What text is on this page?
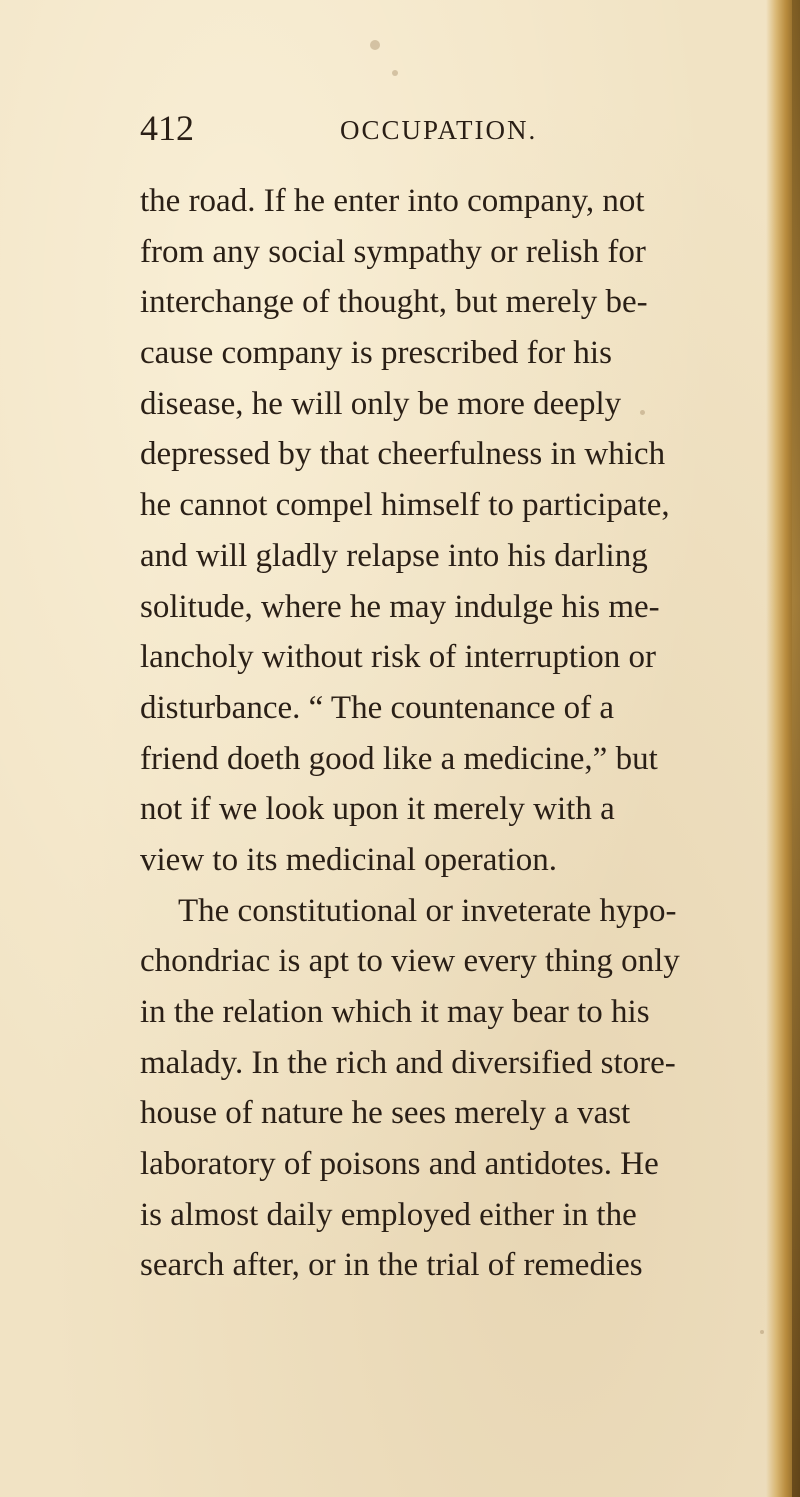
412	OCCUPATION.
the road. If he enter into company, not
from any social sympathy or relish for
interchange of thought, but merely be-
cause company is prescribed for his
disease, he will only be more deeply
depressed by that cheerfulness in which
he cannot compel himself to participate,
and will gladly relapse into his darling
solitude, where he may indulge his me-
lancholy without risk of interruption or
disturbance. “ The countenance of a
friend doeth good like a medicine,” but
not if we look upon it merely with a
view to its medicinal operation.
The constitutional or inveterate hypo-
chondriac is apt to view every thing only
in the relation which it may bear to his
malady. In the rich and diversified store-
house of nature he sees merely a vast
laboratory of poisons and antidotes. He
is almost daily employed either in the
search after, or in the trial of remedies
